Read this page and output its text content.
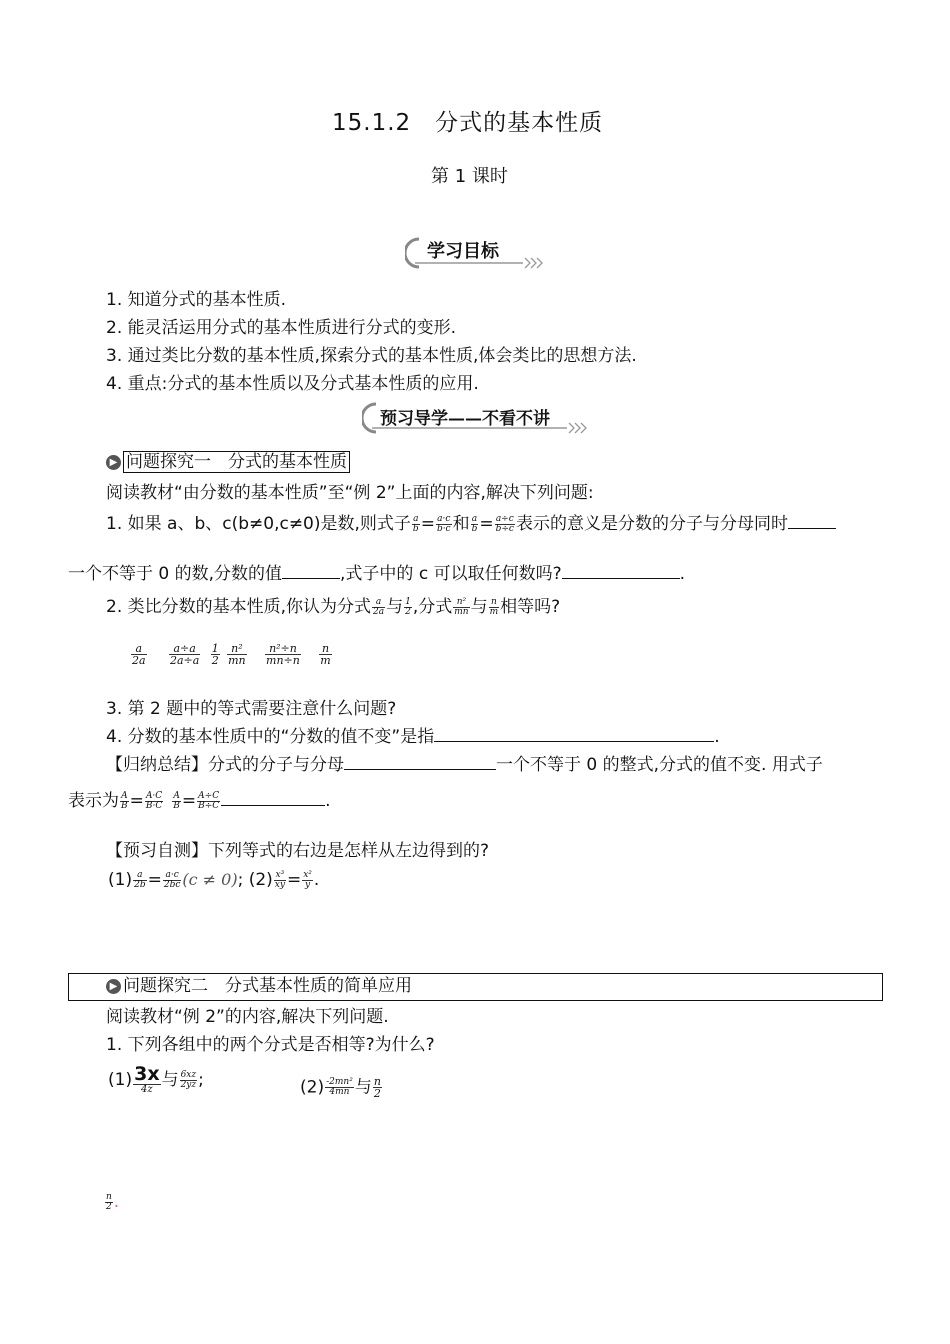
15.1.2　分式的基本性质
第 1 课时
学习目标
1. 知道分式的基本性质.
2. 能灵活运用分式的基本性质进行分式的变形.
3. 通过类比分数的基本性质,探索分式的基本性质,体会类比的思想方法.
4. 重点:分式的基本性质以及分式基本性质的应用.
预习导学——不看不讲
▶ 问题探究一　分式的基本性质
阅读教材“由分数的基本性质”至“例 2”上面的内容,解决下列问题:
1. 如果 a、b、c(b≠0,c≠0)是数,则式子 $\frac{a}{b} = \frac{a\cdot c}{b\cdot c}$ 和 $\frac{a}{b} = \frac{a\div c}{b\div c}$ 表示的意义是分数的分子与分母同时
一个不等于 0 的数,分数的值	,式子中的 c 可以取任何数吗?	.
2. 类比分数的基本性质,你认为分式 $\frac{a}{2a}$ 与 $\frac{1}{2}$ ,分式 $\frac{\text{n²}}{mn}$ 与 $\frac{n}{m}$ 相等吗?
$\frac{a}{2a}$
$\frac{a\div a}{2a\div a}$
$\frac{1}{2}$
$\frac{\text{n²}}{mn}$
$\frac{\text{n²÷n}}{mn\div n}$
$\frac{n}{m}$
3. 第 2 题中的等式需要注意什么问题?
4. 分数的基本性质中的“分数的值不变”是指	.
【归纳总结】分式的分子与分母	一个不等于 0 的整式,分式的值不变. 用式子
表示为 $\frac{A}{B} = \frac{A\cdot C}{B\cdot C} \frac{A}{B} = \frac{A\div C}{B\div C}$	.
【预习自测】下列等式的右边是怎样从左边得到的?
$(1) \frac{a}{2b} = \frac{a\cdot c}{2bc} (c \ne 0)$; $(2) \frac{\text{x³}}{xy} = \frac{\text{x²}}{y}$ .
▶ 问题探究二　分式基本性质的简单应用
阅读教材“例 2”的内容,解决下列问题.
1. 下列各组中的两个分式是否相等?为什么?
$(1) \frac{3x}{4z}$ 与 $\frac{6xz}{2yz}$ ;	$(2) \frac{\text{-2mn²}}{4mn}$ 与 $\frac{n}{2}$
$\frac{n}{2}$ .
